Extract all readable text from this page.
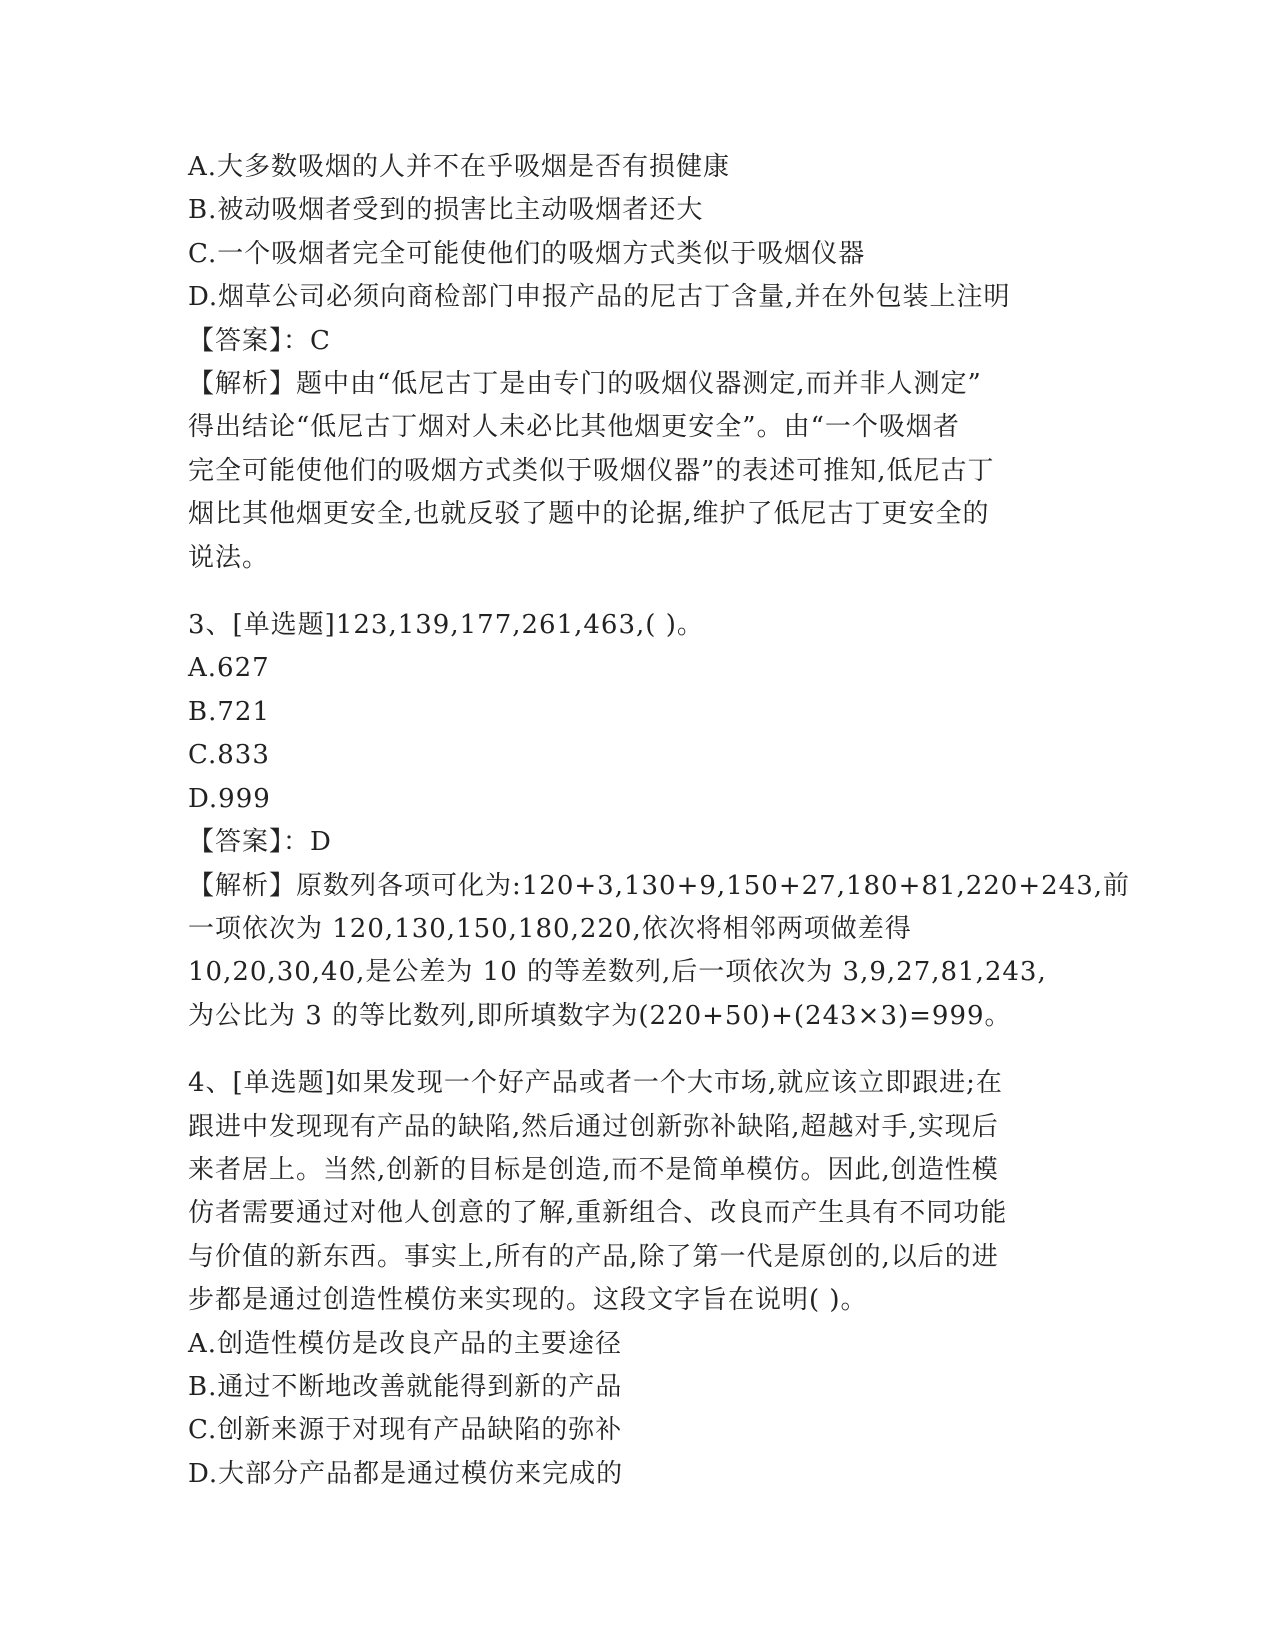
A.大多数吸烟的人并不在乎吸烟是否有损健康
B.被动吸烟者受到的损害比主动吸烟者还大
C.一个吸烟者完全可能使他们的吸烟方式类似于吸烟仪器
D.烟草公司必须向商检部门申报产品的尼古丁含量,并在外包装上注明
【答案】：C
【解析】题中由“低尼古丁是由专门的吸烟仪器测定,而并非人测定”
得出结论“低尼古丁烟对人未必比其他烟更安全”。由“一个吸烟者
完全可能使他们的吸烟方式类似于吸烟仪器”的表述可推知,低尼古丁
烟比其他烟更安全,也就反驳了题中的论据,维护了低尼古丁更安全的
说法。
3、[单选题]123,139,177,261,463,( )。
A.627
B.721
C.833
D.999
【答案】：D
【解析】原数列各项可化为:120+3,130+9,150+27,180+81,220+243,前
一项依次为 120,130,150,180,220,依次将相邻两项做差得
10,20,30,40,是公差为 10 的等差数列,后一项依次为 3,9,27,81,243,
为公比为 3 的等比数列,即所填数字为(220+50)+(243×3)=999。
4、[单选题]如果发现一个好产品或者一个大市场,就应该立即跟进;在
跟进中发现现有产品的缺陷,然后通过创新弥补缺陷,超越对手,实现后
来者居上。当然,创新的目标是创造,而不是简单模仿。因此,创造性模
仿者需要通过对他人创意的了解,重新组合、改良而产生具有不同功能
与价值的新东西。事实上,所有的产品,除了第一代是原创的,以后的进
步都是通过创造性模仿来实现的。这段文字旨在说明( )。
A.创造性模仿是改良产品的主要途径
B.通过不断地改善就能得到新的产品
C.创新来源于对现有产品缺陷的弥补
D.大部分产品都是通过模仿来完成的
